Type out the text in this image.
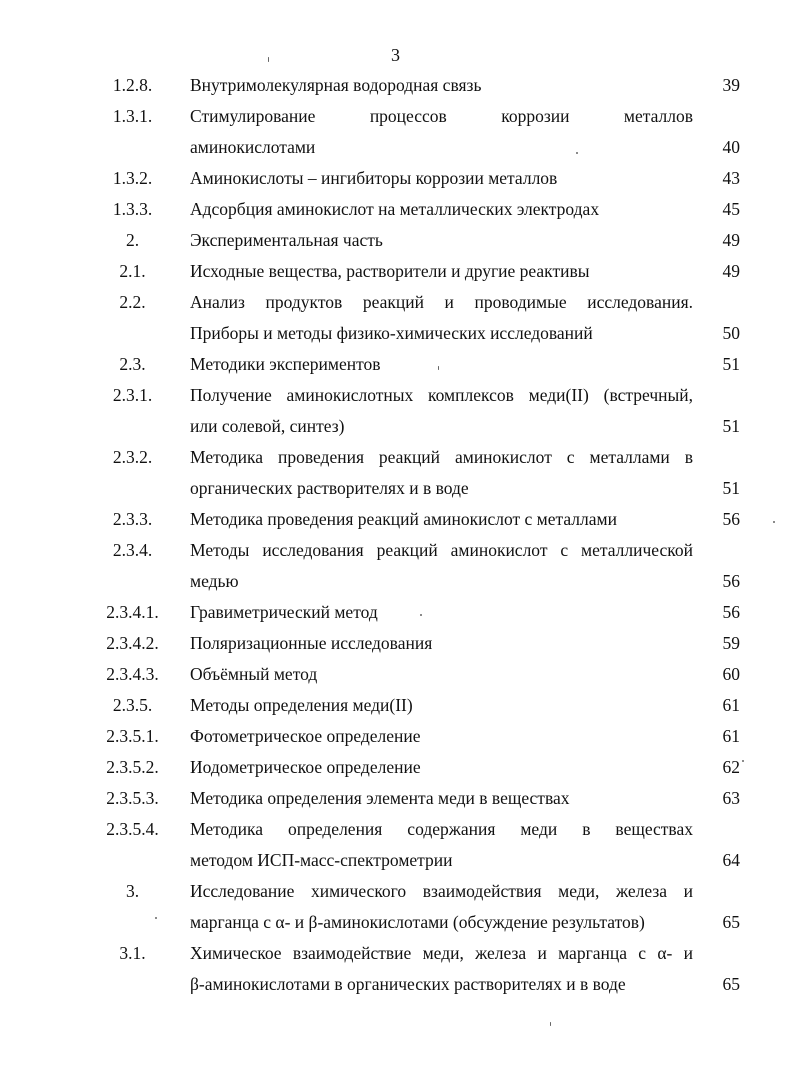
3
1.2.8.	Внутримолекулярная водородная связь	39
1.3.1.	Стимулирование процессов коррозии металлов
аминокислотами	40
1.3.2.	Аминокислоты – ингибиторы коррозии металлов	43
1.3.3.	Адсорбция аминокислот на металлических электродах	45
2.	Экспериментальная часть	49
2.1.	Исходные вещества, растворители и другие реактивы	49
2.2.	Анализ продуктов реакций и проводимые исследования.
Приборы и методы физико-химических исследований	50
2.3.	Методики экспериментов	51
2.3.1.	Получение аминокислотных комплексов меди(II) (встречный,
или солевой, синтез)	51
2.3.2.	Методика проведения реакций аминокислот с металлами в
органических растворителях и в воде	51
2.3.3.	Методика проведения реакций аминокислот с металлами	56
2.3.4.	Методы исследования реакций аминокислот с металлической
медью	56
2.3.4.1.	Гравиметрический метод	56
2.3.4.2.	Поляризационные исследования	59
2.3.4.3.	Объёмный метод	60
2.3.5.	Методы определения меди(II)	61
2.3.5.1.	Фотометрическое определение	61
2.3.5.2.	Иодометрическое определение	62
2.3.5.3.	Методика определения элемента меди в веществах	63
2.3.5.4.	Методика определения содержания меди в веществах
методом ИСП-масс-спектрометрии	64
3.	Исследование химического взаимодействия меди, железа и
марганца с α- и β-аминокислотами (обсуждение результатов)	65
3.1.	Химическое взаимодействие меди, железа и марганца с α- и
β-аминокислотами в органических растворителях и в воде	65
